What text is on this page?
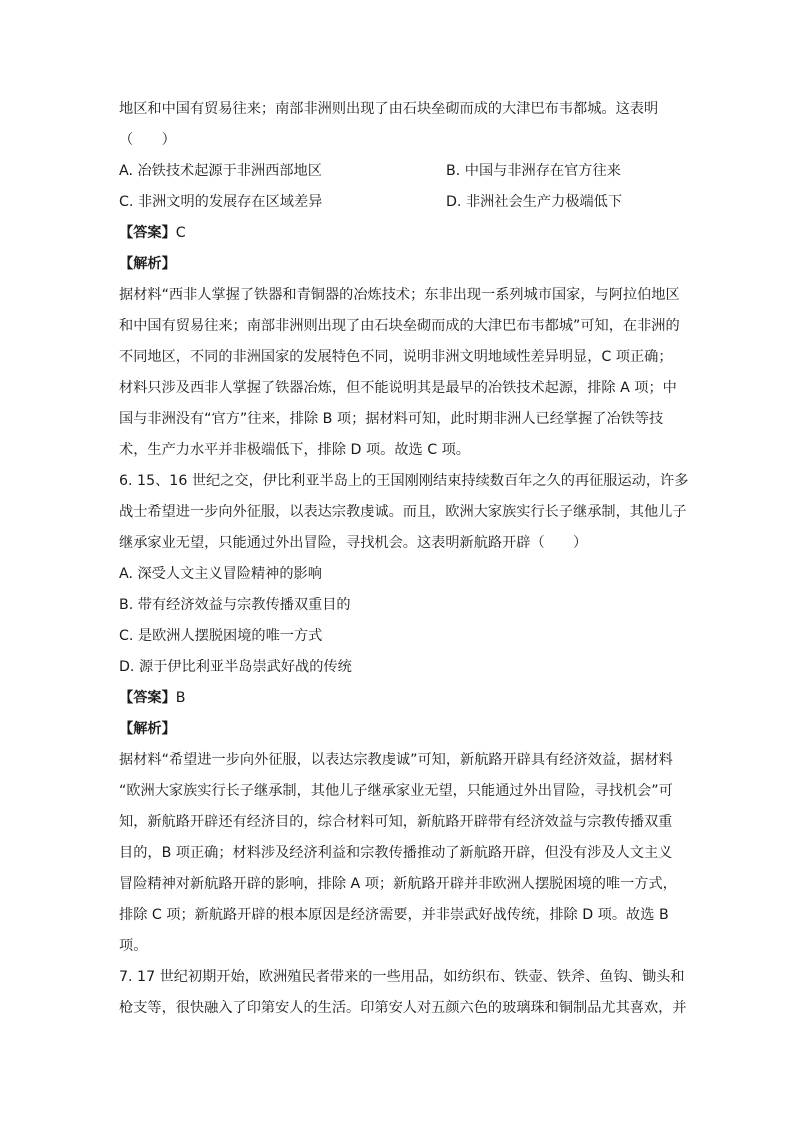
地区和中国有贸易往来；南部非洲则出现了由石块垒砌而成的大津巴布韦都城。这表明
（　　）
A. 冶铁技术起源于非洲西部地区	B. 中国与非洲存在官方往来
C. 非洲文明的发展存在区域差异	D. 非洲社会生产力极端低下
【答案】C
【解析】
据材料“西非人掌握了铁器和青铜器的冶炼技术；东非出现一系列城市国家，与阿拉伯地区
和中国有贸易往来；南部非洲则出现了由石块垒砌而成的大津巴布韦都城”可知，在非洲的
不同地区，不同的非洲国家的发展特色不同，说明非洲文明地域性差异明显，C 项正确；
材料只涉及西非人掌握了铁器冶炼，但不能说明其是最早的冶铁技术起源，排除 A 项；中
国与非洲没有“官方”往来，排除 B 项；据材料可知，此时期非洲人已经掌握了冶铁等技
术，生产力水平并非极端低下，排除 D 项。故选 C 项。
6. 15、16 世纪之交，伊比利亚半岛上的王国刚刚结束持续数百年之久的再征服运动，许多
战士希望进一步向外征服，以表达宗教虔诚。而且，欧洲大家族实行长子继承制，其他儿子
继承家业无望，只能通过外出冒险，寻找机会。这表明新航路开辟（　　）
A. 深受人文主义冒险精神的影响
B. 带有经济效益与宗教传播双重目的
C. 是欧洲人摆脱困境的唯一方式
D. 源于伊比利亚半岛崇武好战的传统
【答案】B
【解析】
据材料“希望进一步向外征服，以表达宗教虔诚”可知，新航路开辟具有经济效益，据材料
“欧洲大家族实行长子继承制，其他儿子继承家业无望，只能通过外出冒险，寻找机会”可
知，新航路开辟还有经济目的，综合材料可知，新航路开辟带有经济效益与宗教传播双重
目的，B 项正确；材料涉及经济利益和宗教传播推动了新航路开辟，但没有涉及人文主义
冒险精神对新航路开辟的影响，排除 A 项；新航路开辟并非欧洲人摆脱困境的唯一方式，
排除 C 项；新航路开辟的根本原因是经济需要，并非崇武好战传统，排除 D 项。故选 B
项。
7. 17 世纪初期开始，欧洲殖民者带来的一些用品，如纺织布、铁壶、铁斧、鱼钩、锄头和
枪支等，很快融入了印第安人的生活。印第安人对五颜六色的玻璃珠和铜制品尤其喜欢，并
